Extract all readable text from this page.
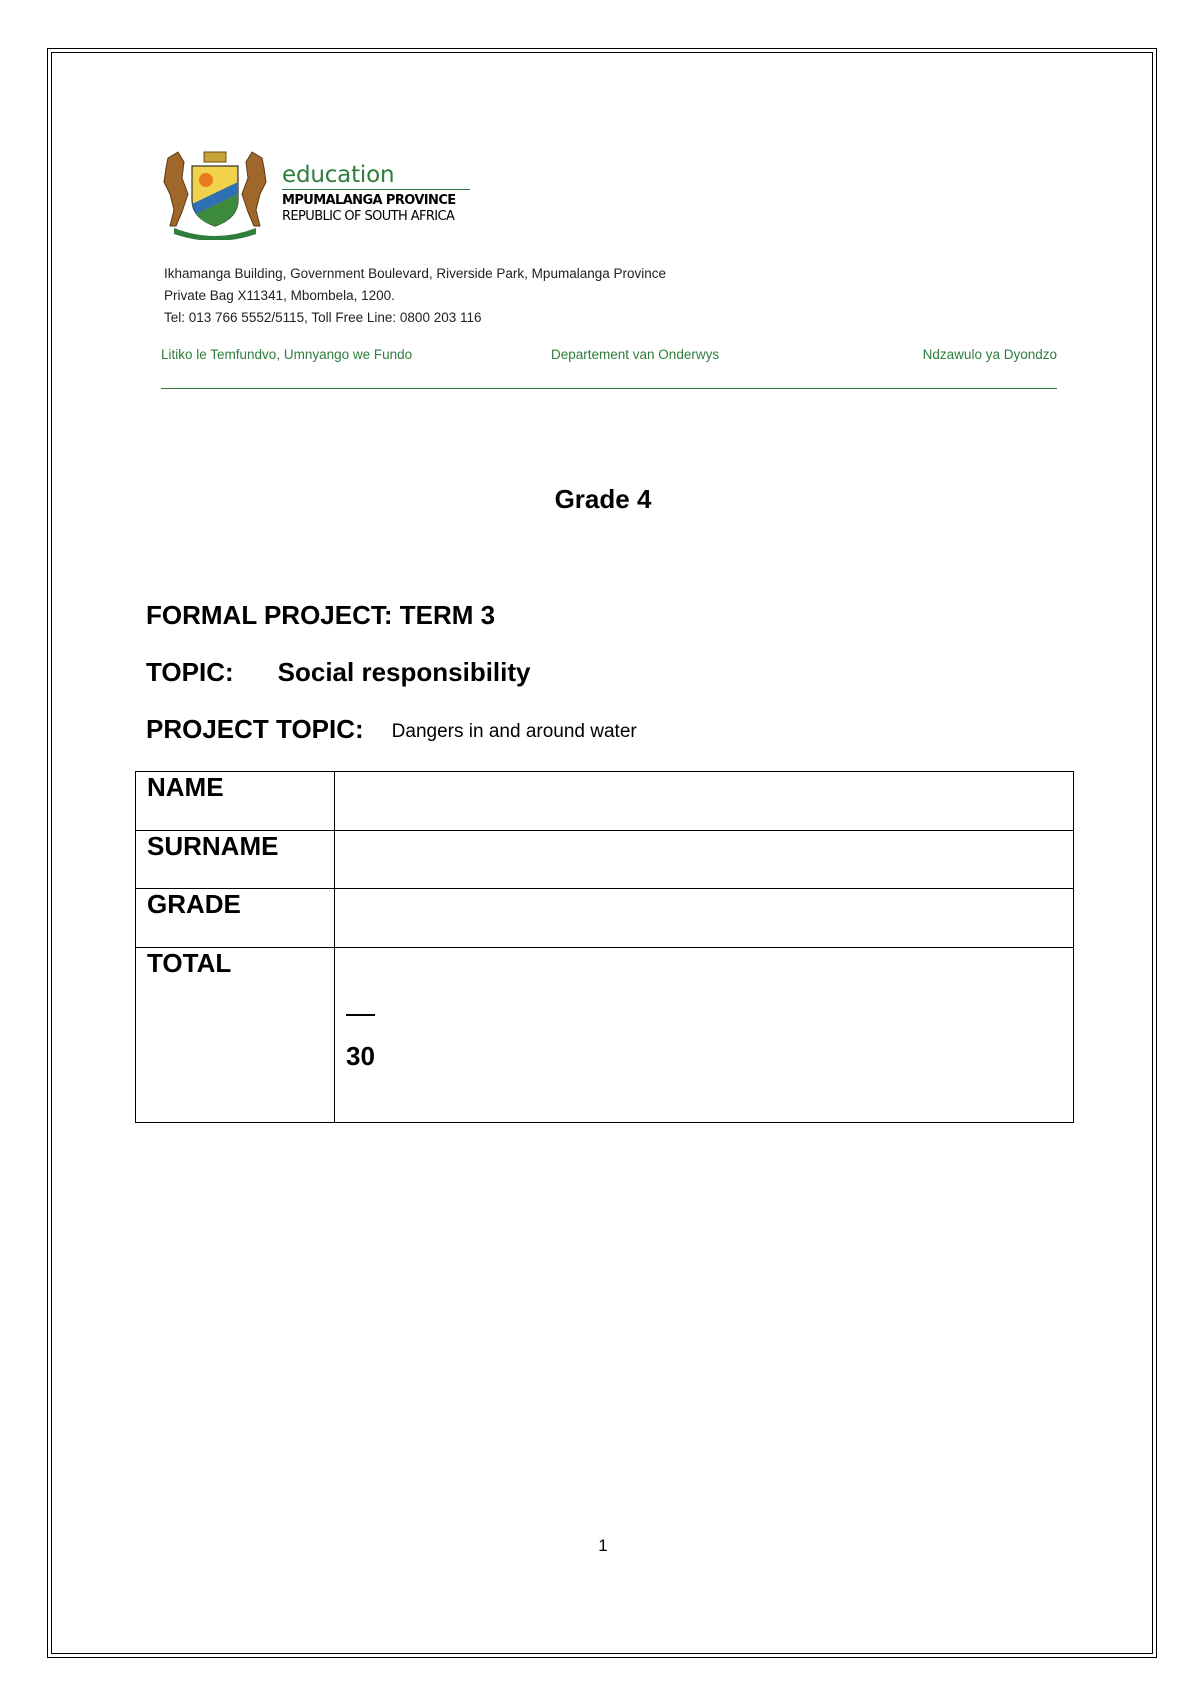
education
MPUMALANGA PROVINCE
REPUBLIC OF SOUTH AFRICA
Ikhamanga Building, Government Boulevard, Riverside Park, Mpumalanga Province
Private Bag X11341, Mbombela, 1200.
Tel: 013 766 5552/5115, Toll Free Line: 0800 203 116
Litiko le Temfundvo, Umnyango we Fundo	Departement van Onderwys	Ndzawulo ya Dyondzo
Grade 4
FORMAL PROJECT: TERM 3
TOPIC: Social responsibility
PROJECT TOPIC: Dangers in and around water
NAME	
SURNAME	
GRADE	
TOTAL	30
1
